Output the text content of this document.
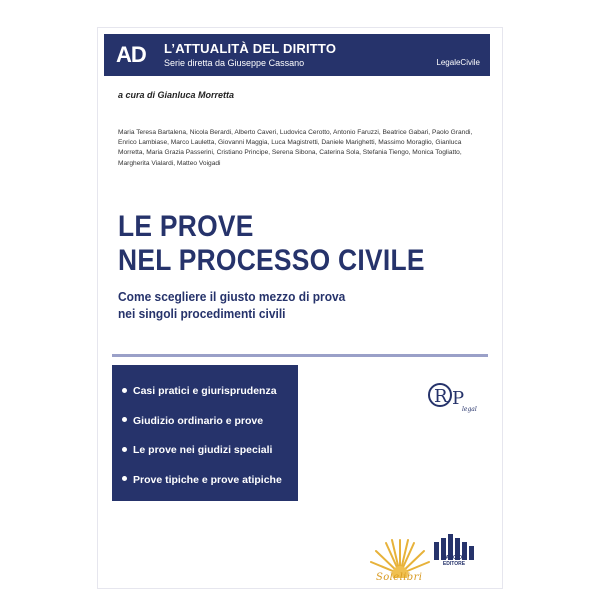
AD	L’ATTUALITÀ DEL DIRITTO
Serie diretta da Giuseppe Cassano	LegaleCivile
a cura di Gianluca Morretta
Maria Teresa Bartalena, Nicola Berardi, Alberto Caveri, Ludovica Cerotto, Antonio Faruzzi, Beatrice Gabari, Paolo Grandi, Enrico Lambiase, Marco Lauletta, Giovanni Maggia, Luca Magistretti, Daniele Marighetti, Massimo Moraglio, Gianluca Morretta, Maria Grazia Passerini, Cristiano Principe, Serena Sibona, Caterina Sola, Stefania Tiengo, Monica Togliatto, Margherita Vialardi, Matteo Voigadi
LE PROVE
NEL PROCESSO CIVILE
Come scegliere il giusto mezzo di prova
nei singoli procedimenti civili
Casi pratici e giurisprudenza
Giudizio ordinario e prove
Le prove nei giudizi speciali
Prove tipiche e prove atipiche
R P
legal
MAGGIOLI EDITORE
Solelibri
